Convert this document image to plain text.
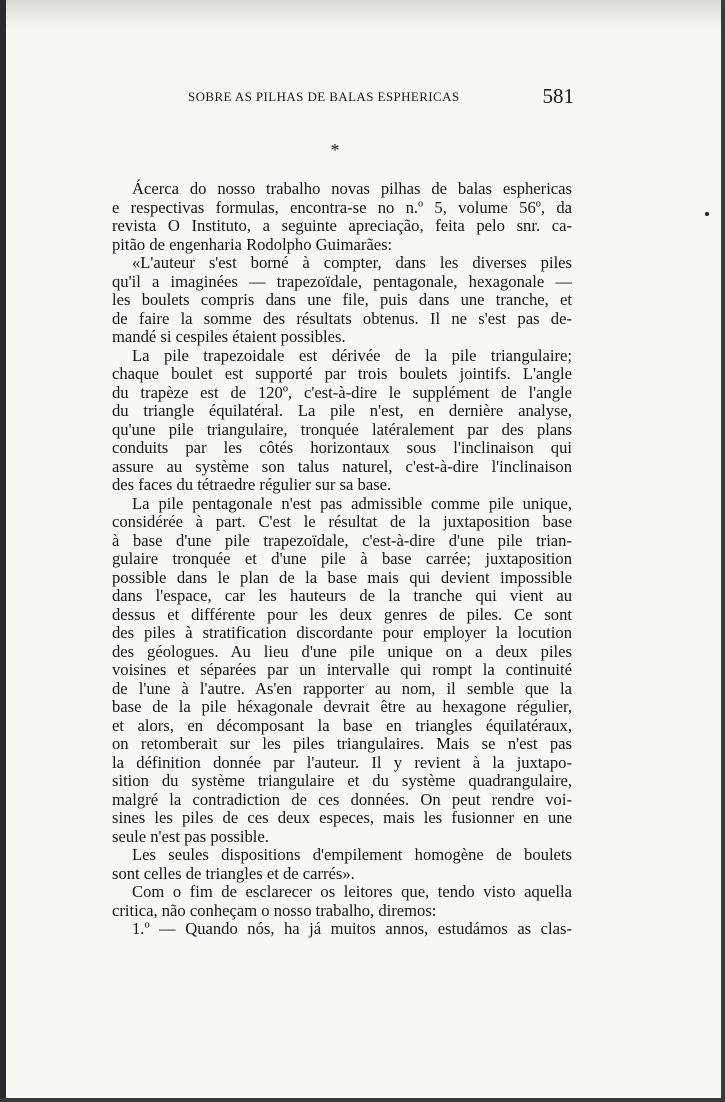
SOBRE AS PILHAS DE BALAS ESPHERICAS	581
*
Ácerca do nosso trabalho novas pilhas de balas esphericas
e respectivas formulas, encontra-se no n.º 5, volume 56º, da
revista O Instituto, a seguinte apreciação, feita pelo snr. ca-
pitão de engenharia Rodolpho Guimarães:
«L'auteur s'est borné à compter, dans les diverses piles
qu'il a imaginées — trapezoïdale, pentagonale, hexagonale —
les boulets compris dans une file, puis dans une tranche, et
de faire la somme des résultats obtenus. Il ne s'est pas de-
mandé si cespiles étaient possibles.
La pile trapezoidale est dérivée de la pile triangulaire;
chaque boulet est supporté par trois boulets jointifs. L'angle
du trapèze est de 120º, c'est-à-dire le supplément de l'angle
du triangle équilatéral. La pile n'est, en dernière analyse,
qu'une pile triangulaire, tronquée latéralement par des plans
conduits par les côtés horizontaux sous l'inclinaison qui
assure au système son talus naturel, c'est-à-dire l'inclinaison
des faces du tétraedre régulier sur sa base.
La pile pentagonale n'est pas admissible comme pile unique,
considérée à part. C'est le résultat de la juxtaposition base
à base d'une pile trapezoïdale, c'est-à-dire d'une pile trian-
gulaire tronquée et d'une pile à base carrée; juxtaposition
possible dans le plan de la base mais qui devient impossible
dans l'espace, car les hauteurs de la tranche qui vient au
dessus et différente pour les deux genres de piles. Ce sont
des piles à stratification discordante pour employer la locution
des géologues. Au lieu d'une pile unique on a deux piles
voisines et séparées par un intervalle qui rompt la continuité
de l'une à l'autre. As'en rapporter au nom, il semble que la
base de la pile héxagonale devrait être au hexagone régulier,
et alors, en décomposant la base en triangles équilatéraux,
on retomberait sur les piles triangulaires. Mais se n'est pas
la définition donnée par l'auteur. Il y revient à la juxtapo-
sition du système triangulaire et du système quadrangulaire,
malgré la contradiction de ces données. On peut rendre voi-
sines les piles de ces deux especes, mais les fusionner en une
seule n'est pas possible.
Les seules dispositions d'empilement homogène de boulets
sont celles de triangles et de carrés».
Com o fim de esclarecer os leitores que, tendo visto aquella
critica, não conheçam o nosso trabalho, diremos:
1.º — Quando nós, ha já muitos annos, estudámos as clas-
